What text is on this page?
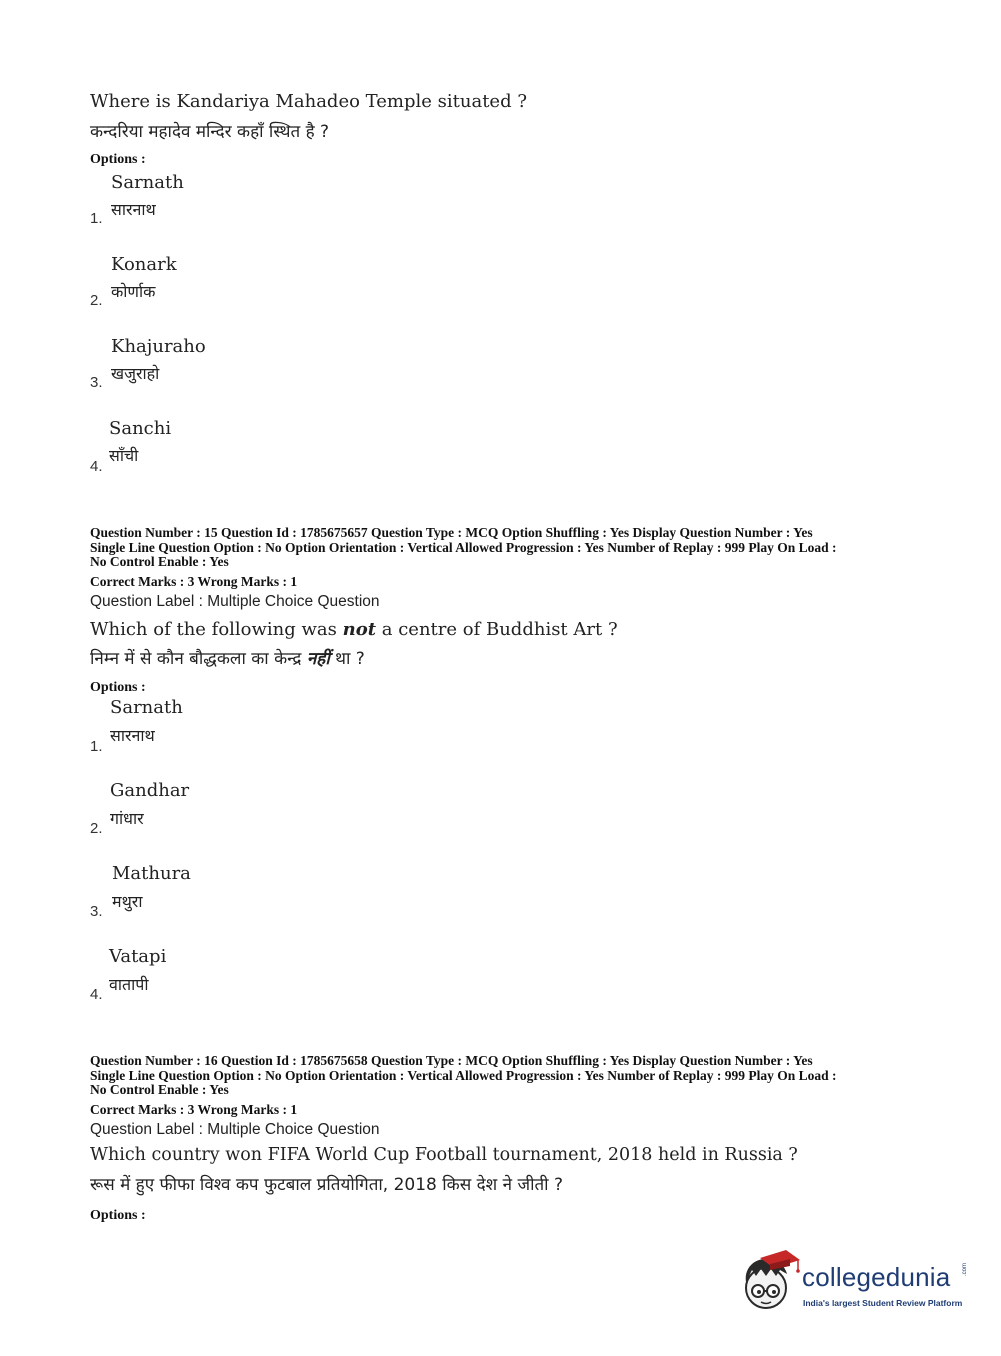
Where is Kandariya Mahadeo Temple situated ?
कन्दरिया महादेव मन्दिर कहाँ स्थित है ?
Options :
Sarnath
सारनाथ
1.
Konark
कोर्णाक
2.
Khajuraho
खजुराहो
3.
Sanchi
साँची
4.
Question Number : 15 Question Id : 1785675657 Question Type : MCQ Option Shuffling : Yes Display Question Number : Yes
Single Line Question Option : No Option Orientation : Vertical Allowed Progression : Yes Number of Replay : 999 Play On Load :
No Control Enable : Yes
Correct Marks : 3 Wrong Marks : 1
Question Label : Multiple Choice Question
Which of the following was not a centre of Buddhist Art ?
निम्न में से कौन बौद्धकला का केन्द्र नहीं था ?
Options :
Sarnath
सारनाथ
1.
Gandhar
गांधार
2.
Mathura
मथुरा
3.
Vatapi
वातापी
4.
Question Number : 16 Question Id : 1785675658 Question Type : MCQ Option Shuffling : Yes Display Question Number : Yes
Single Line Question Option : No Option Orientation : Vertical Allowed Progression : Yes Number of Replay : 999 Play On Load :
No Control Enable : Yes
Correct Marks : 3 Wrong Marks : 1
Question Label : Multiple Choice Question
Which country won FIFA World Cup Football tournament, 2018 held in Russia ?
रूस में हुए फीफा विश्व कप फुटबाल प्रतियोगिता, 2018 किस देश ने जीती ?
Options :
collegedunia .com
India's largest Student Review Platform
